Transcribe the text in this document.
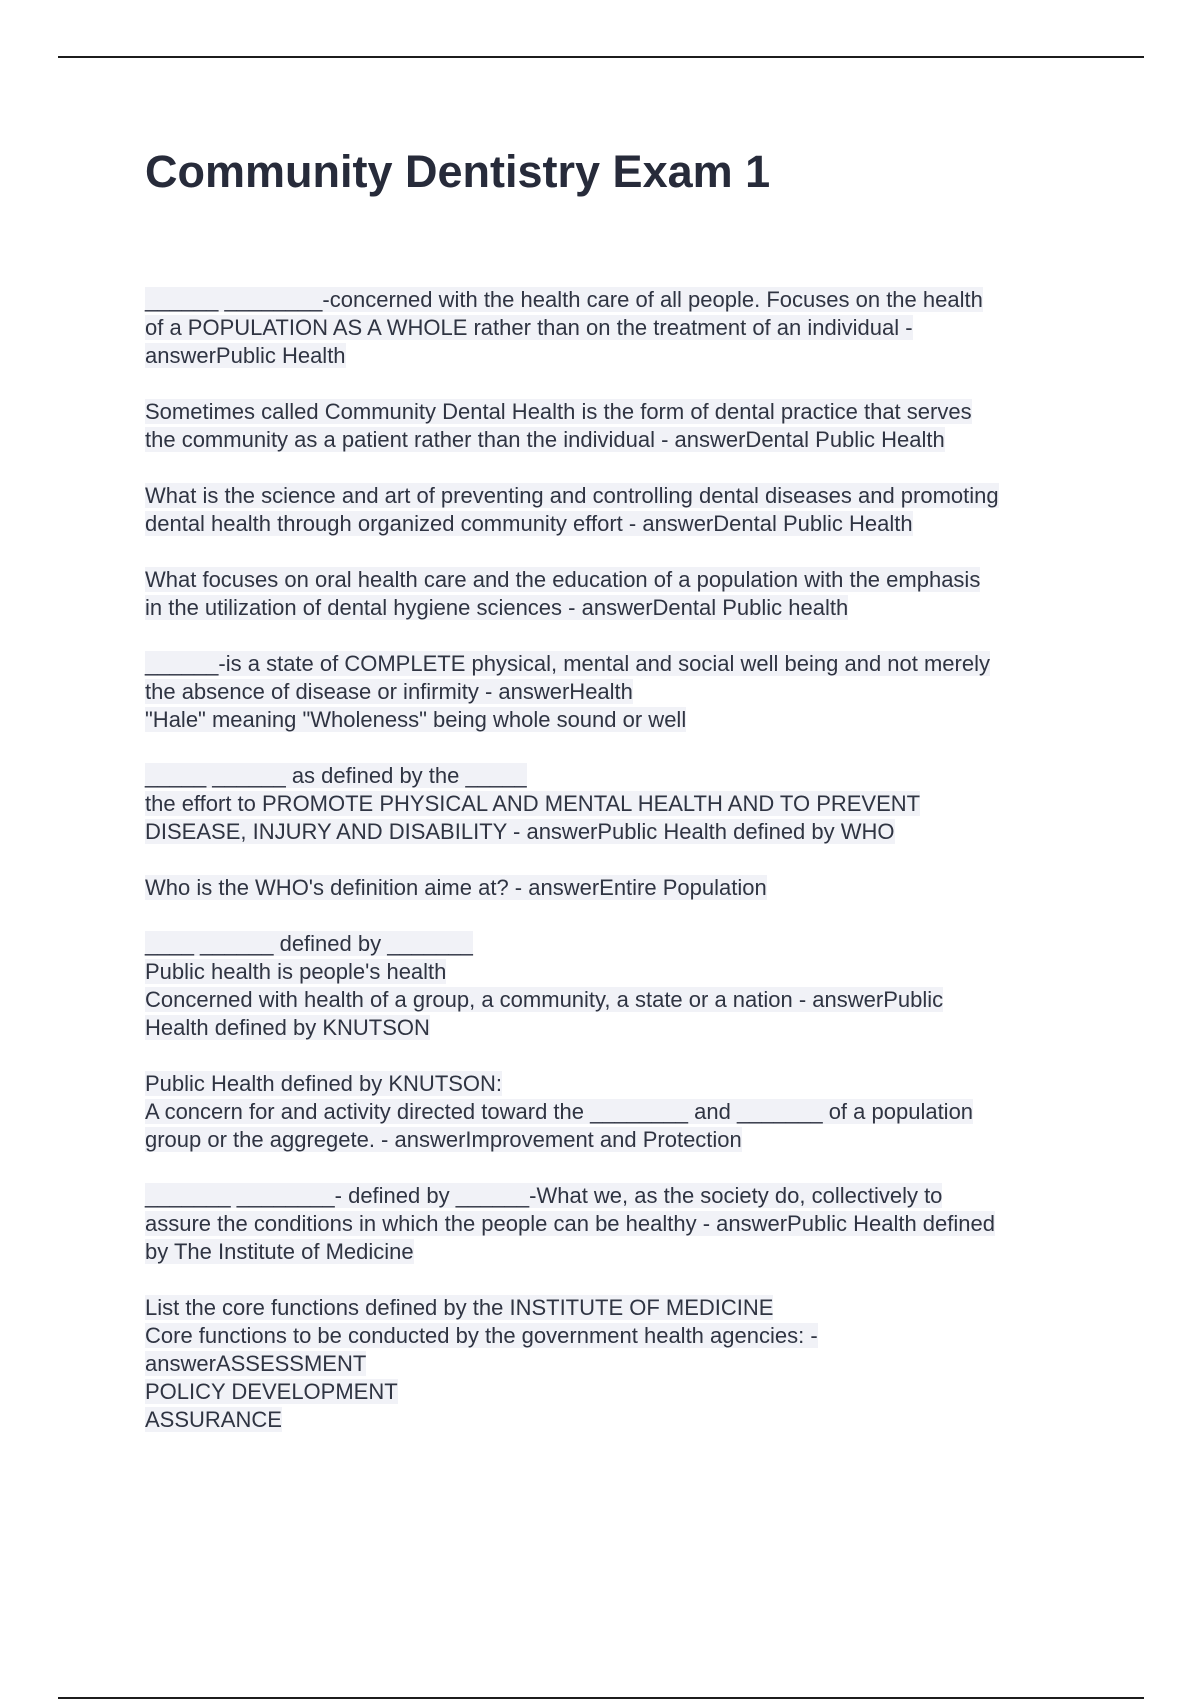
Community Dentistry Exam 1
______ ________-concerned with the health care of all people. Focuses on the health
of a POPULATION AS A WHOLE rather than on the treatment of an individual -
answerPublic Health
Sometimes called Community Dental Health is the form of dental practice that serves
the community as a patient rather than the individual - answerDental Public Health
What is the science and art of preventing and controlling dental diseases and promoting
dental health through organized community effort - answerDental Public Health
What focuses on oral health care and the education of a population with the emphasis
in the utilization of dental hygiene sciences - answerDental Public health
______-is a state of COMPLETE physical, mental and social well being and not merely
the absence of disease or infirmity - answerHealth
"Hale" meaning "Wholeness" being whole sound or well
_____ ______ as defined by the _____
the effort to PROMOTE PHYSICAL AND MENTAL HEALTH AND TO PREVENT
DISEASE, INJURY AND DISABILITY - answerPublic Health defined by WHO
Who is the WHO's definition aime at? - answerEntire Population
____ ______ defined by _______
Public health is people's health
Concerned with health of a group, a community, a state or a nation - answerPublic
Health defined by KNUTSON
Public Health defined by KNUTSON:
A concern for and activity directed toward the ________ and _______ of a population
group or the aggregete. - answerImprovement and Protection
_______ ________- defined by ______-What we, as the society do, collectively to
assure the conditions in which the people can be healthy - answerPublic Health defined
by The Institute of Medicine
List the core functions defined by the INSTITUTE OF MEDICINE
Core functions to be conducted by the government health agencies: -
answerASSESSMENT
POLICY DEVELOPMENT
ASSURANCE
